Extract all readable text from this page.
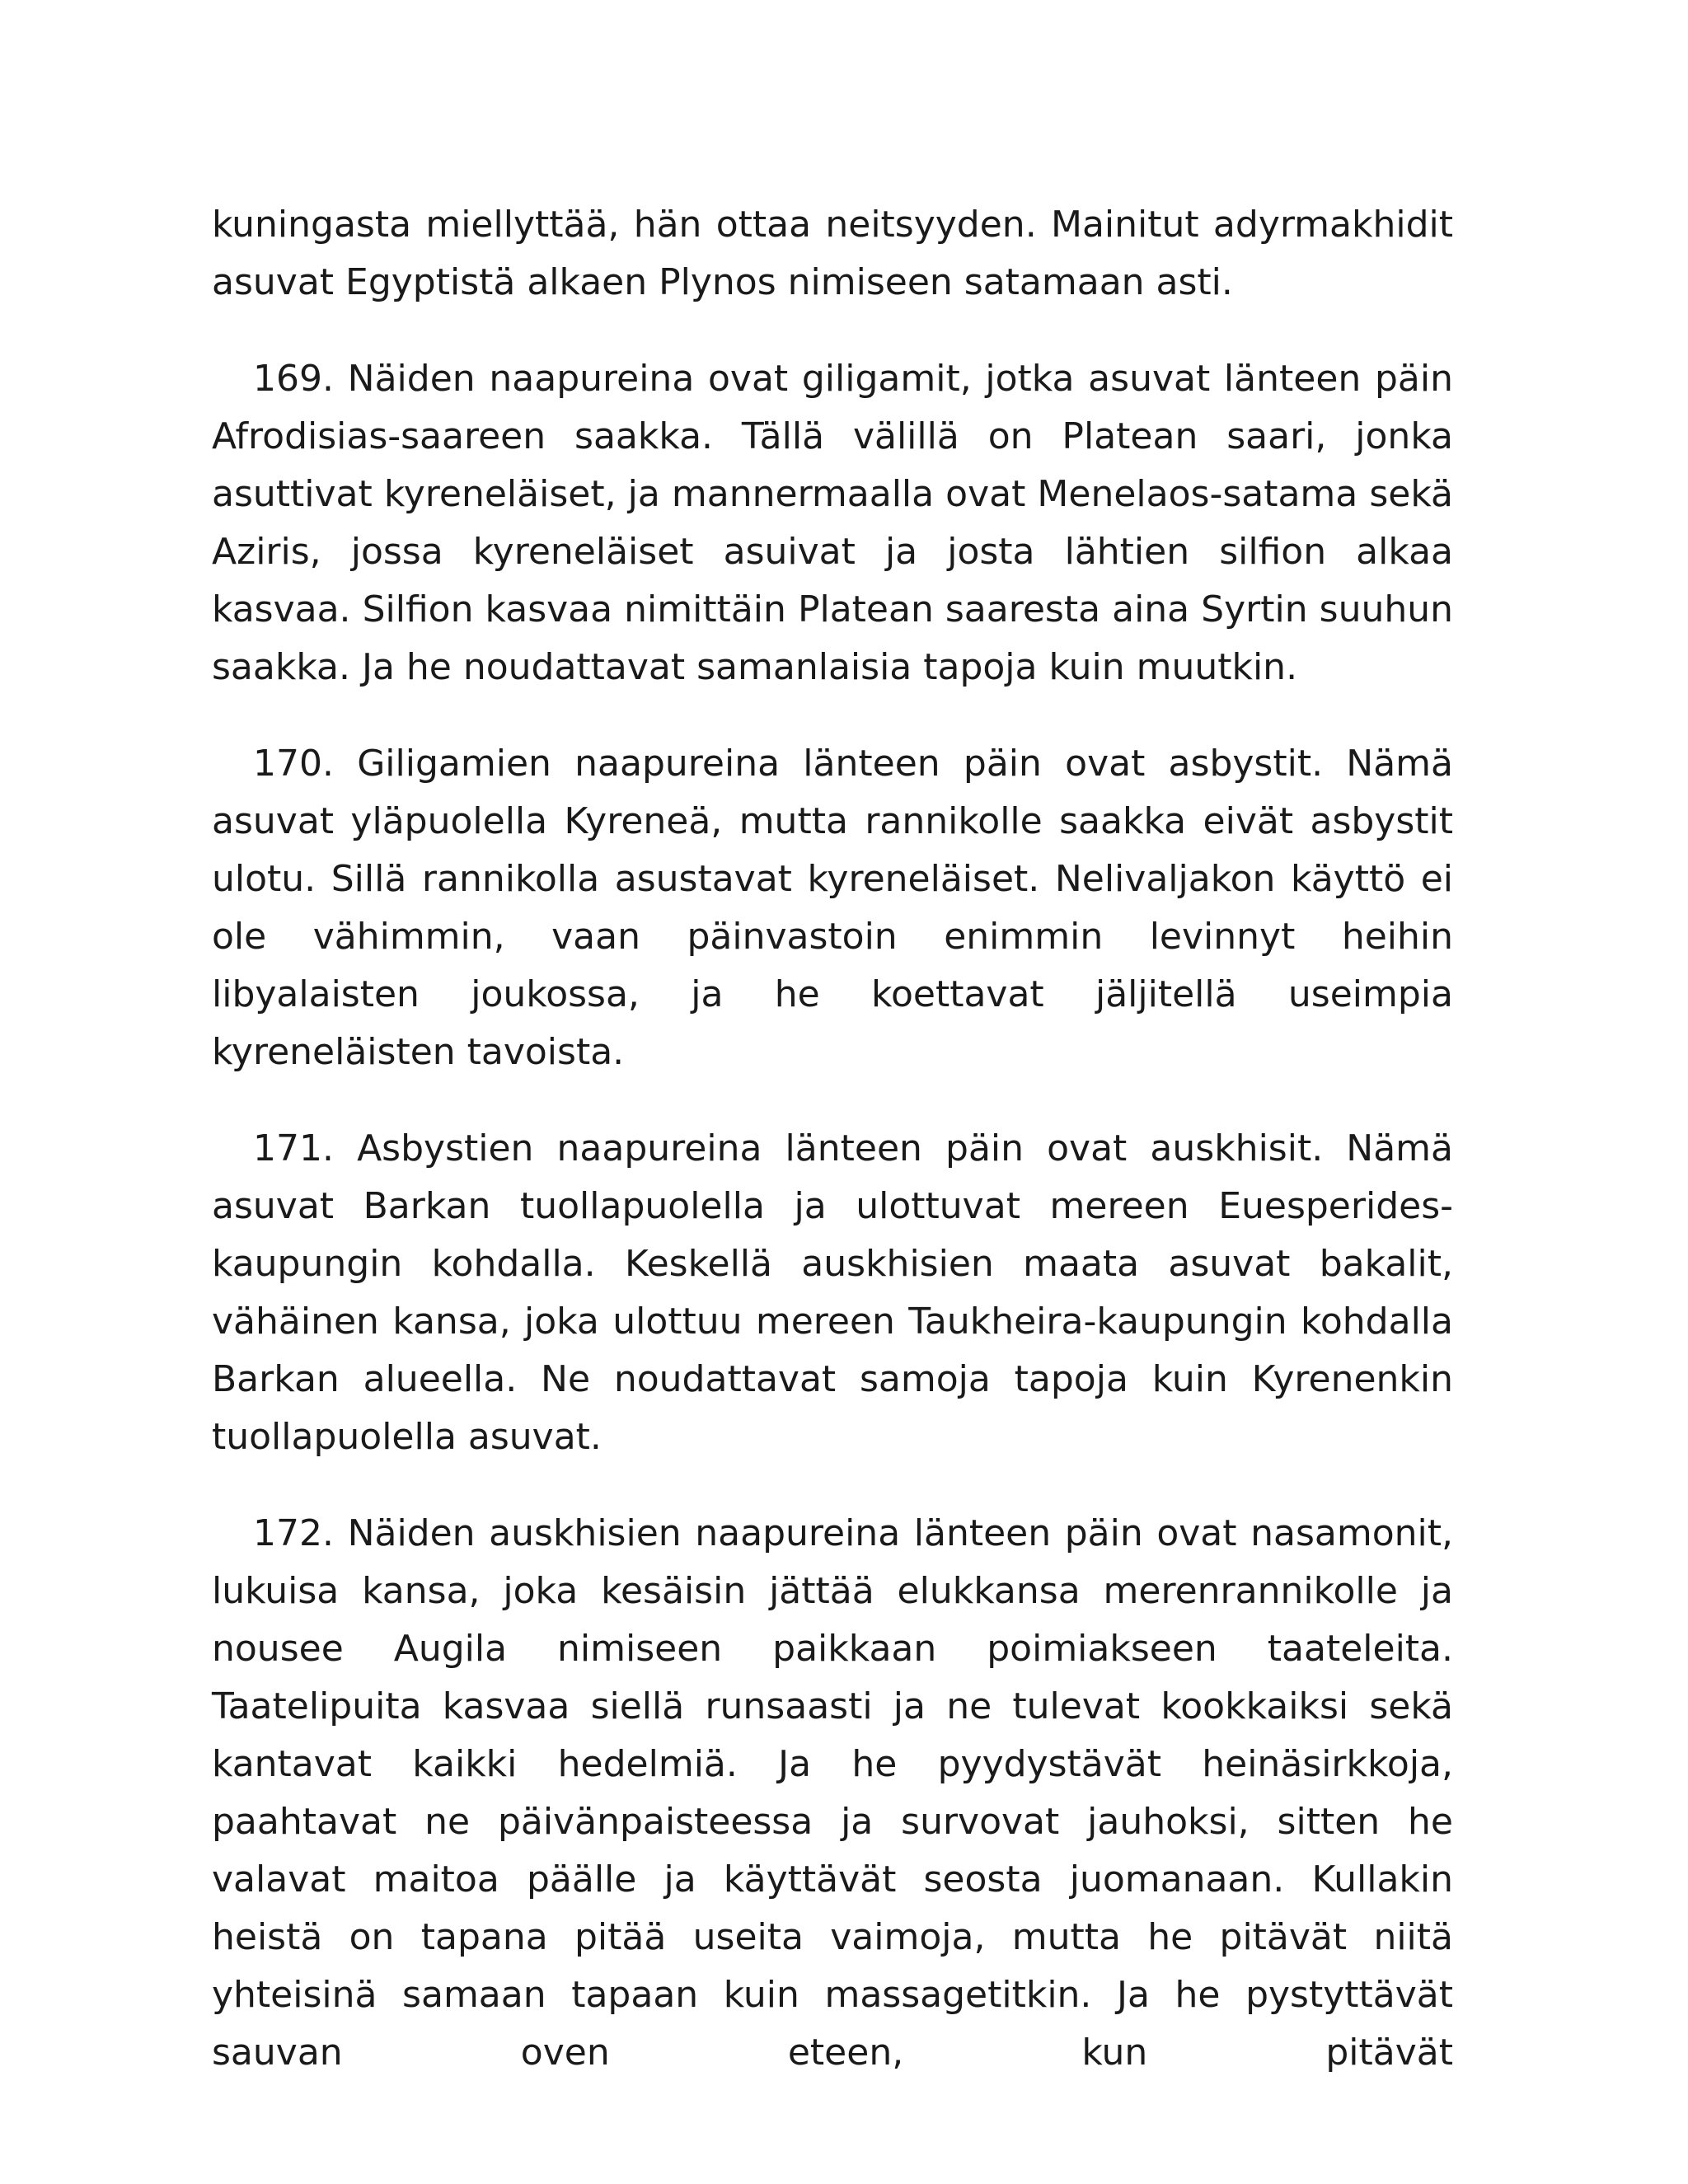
kuningasta miellyttää, hän ottaa neitsyyden. Mainitut adyrmakhidit asuvat Egyptistä alkaen Plynos nimiseen satamaan asti.

169. Näiden naapureina ovat giligamit, jotka asuvat länteen päin Afrodisias-saareen saakka. Tällä välillä on Platean saari, jonka asuttivat kyreneläiset, ja mannermaalla ovat Menelaos-satama sekä Aziris, jossa kyreneläiset asuivat ja josta lähtien silfion alkaa kasvaa. Silfion kasvaa nimittäin Platean saaresta aina Syrtin suuhun saakka. Ja he noudattavat samanlaisia tapoja kuin muutkin.

170. Giligamien naapureina länteen päin ovat asbystit. Nämä asuvat yläpuolella Kyreneä, mutta rannikolle saakka eivät asbystit ulotu. Sillä rannikolla asustavat kyreneläiset. Nelivaljakon käyttö ei ole vähimmin, vaan päinvastoin enimmin levinnyt heihin libyalaisten joukossa, ja he koettavat jäljitellä useimpia kyreneläisten tavoista.

171. Asbystien naapureina länteen päin ovat auskhisit. Nämä asuvat Barkan tuollapuolella ja ulottuvat mereen Euesperides-kaupungin kohdalla. Keskellä auskhisien maata asuvat bakalit, vähäinen kansa, joka ulottuu mereen Taukheira-kaupungin kohdalla Barkan alueella. Ne noudattavat samoja tapoja kuin Kyrenenkin tuollapuolella asuvat.

172. Näiden auskhisien naapureina länteen päin ovat nasamonit, lukuisa kansa, joka kesäisin jättää elukkansa merenrannikolle ja nousee Augila nimiseen paikkaan poimiakseen taateleita. Taatelipuita kasvaa siellä runsaasti ja ne tulevat kookkaiksi sekä kantavat kaikki hedelmiä. Ja he pyydystävät heinäsirkkoja, paahtavat ne päivänpaisteessa ja survovat jauhoksi, sitten he valavat maitoa päälle ja käyttävät seosta juomanaan. Kullakin heistä on tapana pitää useita vaimoja, mutta he pitävät niitä yhteisinä samaan tapaan kuin massagetitkin. Ja he pystyttävät sauvan oven eteen, kun pitävät
